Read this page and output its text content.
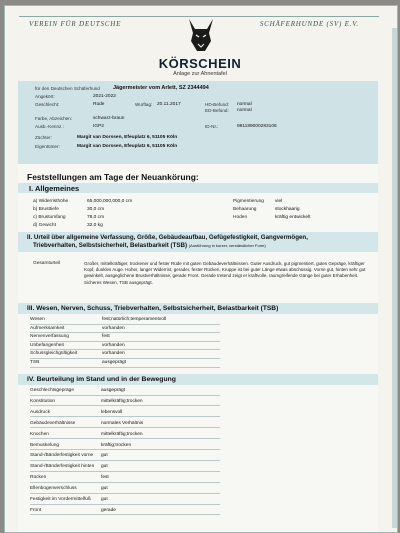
VEREIN FÜR DEUTSCHE	SCHÄFERHUNDE (SV) E.V.
KÖRSCHEIN
Anlage zur Ahnentafel
für den Deutschen Schäferhund Jägermeister vom Arlett, SZ 2344494
Angekört:	2021-2022
Geschlecht:	Rüde	Wurftag: 20.11.2017	HD-Befund: normal
ED-Befund: normal
Farbe, Abzeichen:	schwarz-braun
Ausb.-Kennz.:	IGP2	ID-Nr.:	981189000283106
Züchter:	Margit van Dorssen, Efeuplatz 6, 51105 Köln
Eigentümer:	Margit van Dorssen, Efeuplatz 6, 51105 Köln
Feststellungen am Tage der Neuankörung:
I. Allgemeines
a) Widerristhöhe	65,000,000,000,0 cm
b) Brusttiefe	30,0 cm
c) Brustumfang	78,0 cm
d) Gewicht	32,0 kg
Pigmentierung viel
Behaarung	stockhaarig
Hoden	kräftig entwickelt
II. Urteil über allgemeine Verfassung, Größe, Gebäudeaufbau, Gefügefestigkeit, Gangvermögen,
Triebverhalten, Selbstsicherheit, Belastbarkeit (TSB) (Ausführung in kurzer, verständlicher Form)
Gesamturteil	Großer, mittelkräftiger, trockener und fester Rüde mit guten Gebäudeverhältnissen. Guter Ausdruck, gut pigmentiert, gutes Gepräge, kräftiger Kopf, dunkles Auge. Hoher, langer Widerrist, gerader, fester Rücken, Kruppe ist bei guter Länge etwas abschüssig. Vorne gut, hinten sehr gut gewinkelt, ausgeglichene Brustverhältnisse, gerade Front. Gerade tretend zeigt er kraftvolle, raumgreifende Gänge bei guter Erhabenheit. Sicheres Wesen, TSB ausgeprägt.
III. Wesen, Nerven, Schuss, Triebverhalten, Selbstsicherheit, Belastbarkeit (TSB)
Wesen	fest;natürlich;temperamentvoll
Aufmerksamkeit	vorhanden
Nervenverfassung	fest
Unbefangenheit	vorhanden
Schussgleichgültigkeit	vorhanden
TSB	ausgeprägt
IV. Beurteilung im Stand und in der Bewegung
Geschlechtsgepräge	ausgeprägt
Konstitution	mittelkräftig;trocken
Ausdruck	lebensvoll
Gebäudeverhältnisse	normales Verhältnis
Knochen	mittelkräftig;trocken
Bemuskelung	kräftig;trocken
Stand-/Bänderfestigkeit vorne gut
Stand-/Bänderfestigkeit hinten gut
Rücken	fest
Ellenbogenverschluss	gut
Festigkeit im Vordermittelfuß gut
Front	gerade
